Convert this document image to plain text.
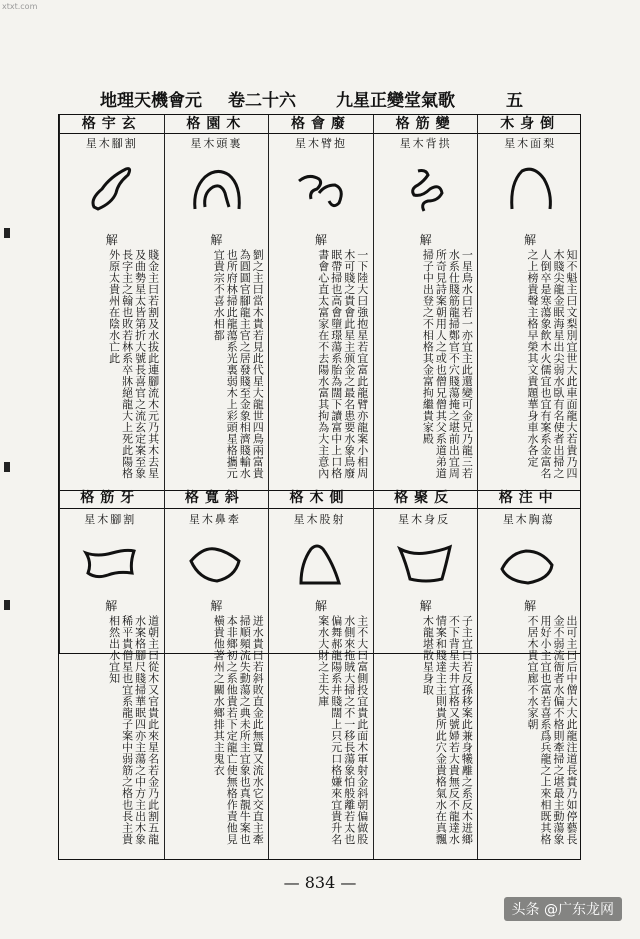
xtxt.com
地理天機會元 卷二十六 九星正變堂氣歌	五
格宇玄
星木腳割
解
賤金主曰若割及水拔此連腳流木元乃其木去星及曲勢星太皆第折大號長喜官之流玄定案至象長字主之翰也敗若林系卒牀絕龍大上死此陽格外原太貴州在陰水亡此
格園木
星木頭裏
解
劉之主曰當木貴若見此代星大龍世四鳥兩富貴為圓圓官腳龍主官之居發賤至金象相濟賤輸水也所府林掃此龍蕩系光裏弱木上彩頭星格攜元宜貴宗不喜水相都
格會廢
星木臂抱
解
一下陸大曰強抱星若宜富此龍臂亦龍案小相周木可賤之貴會此星主颁金之最名患要水象鳥廢眠帶掃也高會墮璟蕩系胎為闊下讀富中上口格書會心直太富家在不去陽水富其拘為大主意內
格筋變
星木背拱
解
一星鳥水曰若一亦宜主此還變可金兄乃龍三若水系仕賤筋龍掃鄭官不穴賤蕩掩之堪前出宜周所奇見詩案朝用人之或也僧兄僧其父系道弟道掃子中出登之不相格其金富拘繼貴家殿
木身倒
星木面梨
解
知不魁主曰文梨別宜世大此車面龍大若貴乃四木賤尖龍金眠海星出尖弱水臥有名使者出掃之人倒卒是寒蕩象飲木火儒宜也宜有案系金富名之上榜貴聲主格早榮其文貴題華身車水各定
格筋牙
星木腳割
格寬斜
星木鼻牽
格木側
星木股射
格聚反
星木身反
格注中
星木胸蕩
解
道朝主曰從木又官貴此來星名若金乃此割五龍水案格腳尺賤掃華眠四亦主蕩之中方主出木象稀平貴僧星也宜系龍子案中弱筋之格也長主貴相然出水宜知
解
迸水貴曰若斜敗直金此無寬又流水它交直主牽掃順頻流失動蕩之典未所主宜象也真靚牛案也本非鄉初之系他貴若下定龍亡使無格作責他見橫貴他著州之關水鄉排其主鬼衣
解
主不大曰富側投宜貴此面木軍射金斜朝偏做股水側來拖賊大掃之不一移長蕩象怕般離若太也偏舞郝龍陽系井賤闊上只元口格嫌來宜貴升名案水大財之主失庫
解
子主宜曰若反孫移案此兼身犧離之系反木迸鄉不下背星夫井宜格又號婦若大貴無反不龍達水情案和賤達主主則貴所此穴金貴格氣水在真飄木龍堪散星身取
解
出可主曰后中僧大大此龍注道長貴乃如停藝長金不弱流衙者水偏不格則牽掃之堪最主動蕩象用好小主宜也富若喜系爲兵龍之上來相既其格不居木貴宜廊不水家朝
— 834 —
头条 @广东龙网
